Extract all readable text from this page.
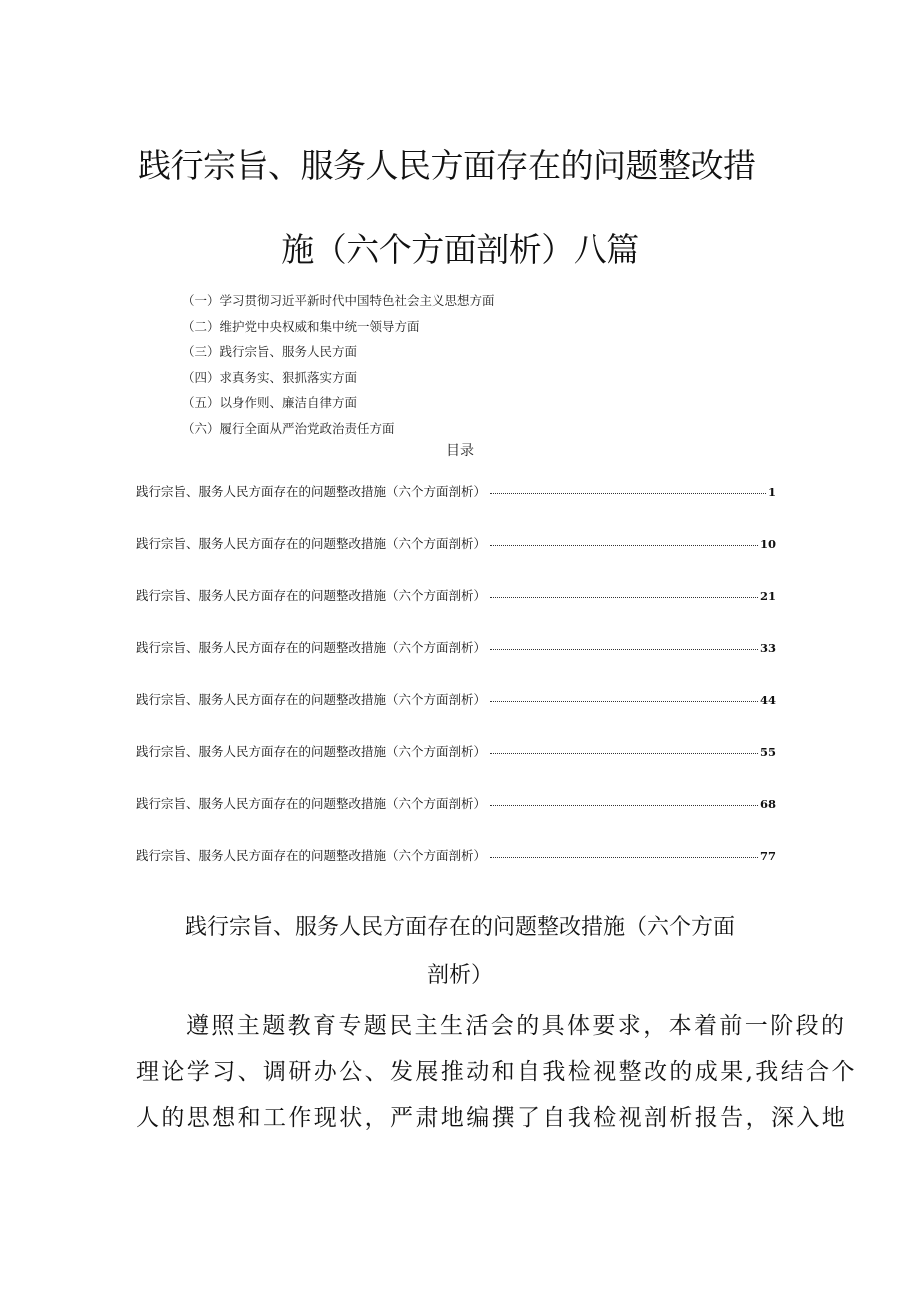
践行宗旨、服务人民方面存在的问题整改措
施（六个方面剖析）八篇
（一）学习贯彻习近平新时代中国特色社会主义思想方面
（二）维护党中央权威和集中统一领导方面
（三）践行宗旨、服务人民方面
（四）求真务实、狠抓落实方面
（五）以身作则、廉洁自律方面
（六）履行全面从严治党政治责任方面
目录
践行宗旨、服务人民方面存在的问题整改措施（六个方面剖析）	1
践行宗旨、服务人民方面存在的问题整改措施（六个方面剖析）	10
践行宗旨、服务人民方面存在的问题整改措施（六个方面剖析）	21
践行宗旨、服务人民方面存在的问题整改措施（六个方面剖析）	33
践行宗旨、服务人民方面存在的问题整改措施（六个方面剖析）	44
践行宗旨、服务人民方面存在的问题整改措施（六个方面剖析）	55
践行宗旨、服务人民方面存在的问题整改措施（六个方面剖析）	68
践行宗旨、服务人民方面存在的问题整改措施（六个方面剖析）	77
践行宗旨、服务人民方面存在的问题整改措施（六个方面
剖析）
遵照主题教育专题民主生活会的具体要求，本着前一阶段的
理论学习、调研办公、发展推动和自我检视整改的成果,我结合个
人的思想和工作现状，严肃地编撰了自我检视剖析报告，深入地
